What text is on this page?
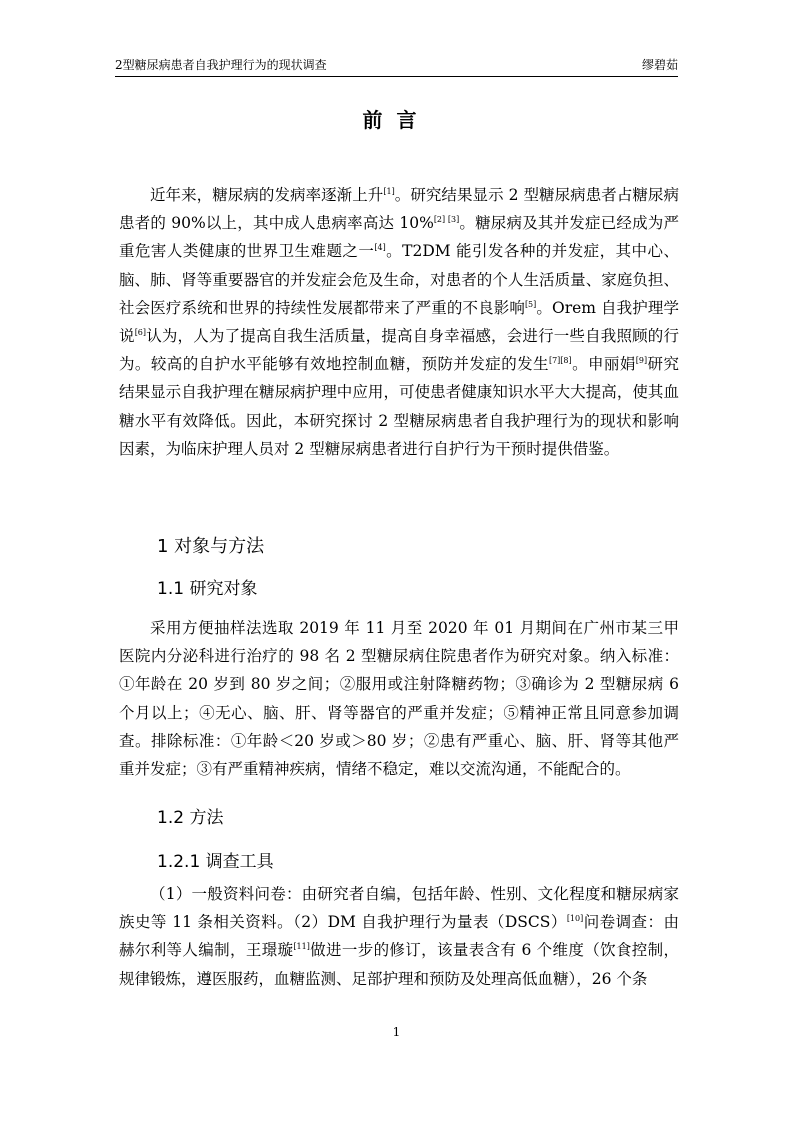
2型糖尿病患者自我护理行为的现状调查	缪碧茹
前言

近年来，糖尿病的发病率逐渐上升[1]。研究结果显示 2 型糖尿病患者占糖尿病患者的 90%以上，其中成人患病率高达 10%[2] [3]。糖尿病及其并发症已经成为严重危害人类健康的世界卫生难题之一[4]。T2DM 能引发各种的并发症，其中心、脑、肺、肾等重要器官的并发症会危及生命，对患者的个人生活质量、家庭负担、社会医疗系统和世界的持续性发展都带来了严重的不良影响[5]。Orem 自我护理学说[6]认为，人为了提高自我生活质量，提高自身幸福感，会进行一些自我照顾的行为。较高的自护水平能够有效地控制血糖，预防并发症的发生[7][8]。申丽娟[9]研究结果显示自我护理在糖尿病护理中应用，可使患者健康知识水平大大提高，使其血糖水平有效降低。因此，本研究探讨 2 型糖尿病患者自我护理行为的现状和影响因素，为临床护理人员对 2 型糖尿病患者进行自护行为干预时提供借鉴。

1 对象与方法
1.1 研究对象

采用方便抽样法选取 2019 年 11 月至 2020 年 01 月期间在广州市某三甲医院内分泌科进行治疗的 98 名 2 型糖尿病住院患者作为研究对象。纳入标准：①年龄在 20 岁到 80 岁之间；②服用或注射降糖药物；③确诊为 2 型糖尿病 6 个月以上；④无心、脑、肝、肾等器官的严重并发症；⑤精神正常且同意参加调查。排除标准：①年龄＜20 岁或＞80 岁；②患有严重心、脑、肝、肾等其他严重并发症；③有严重精神疾病，情绪不稳定，难以交流沟通，不能配合的。

1.2 方法
1.2.1 调查工具

（1）一般资料问卷：由研究者自编，包括年龄、性别、文化程度和糖尿病家族史等 11 条相关资料。（2）DM 自我护理行为量表（DSCS）[10]问卷调查：由赫尔利等人编制，王璟璇[11]做进一步的修订，该量表含有 6 个维度（饮食控制，规律锻炼，遵医服药，血糖监测、足部护理和预防及处理高低血糖），26 个条

1
